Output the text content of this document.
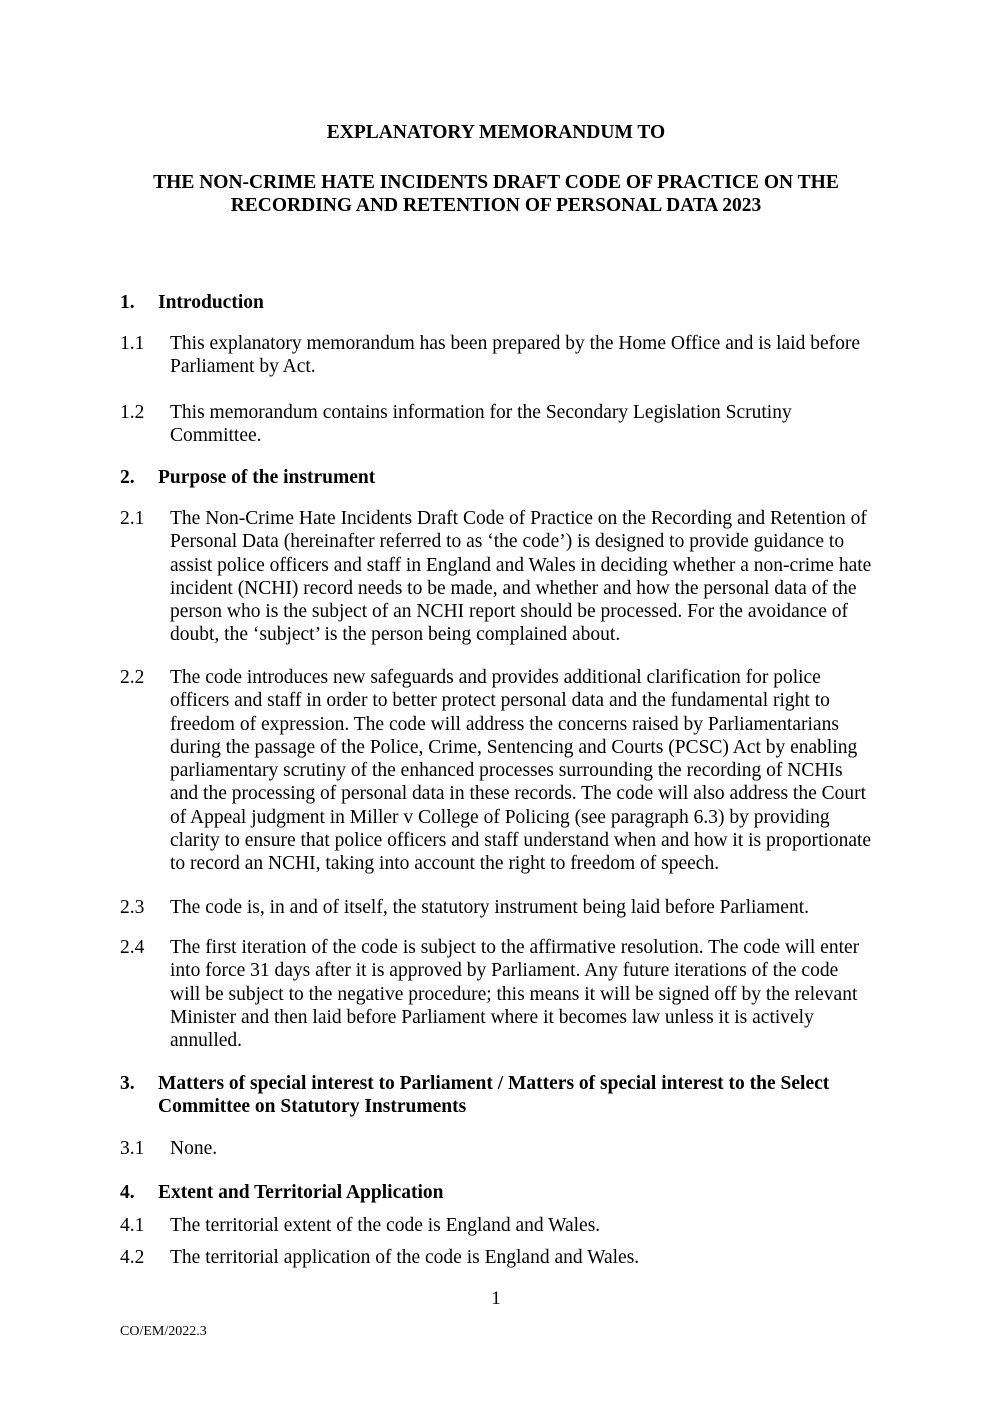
EXPLANATORY MEMORANDUM TO
THE NON-CRIME HATE INCIDENTS DRAFT CODE OF PRACTICE ON THE
RECORDING AND RETENTION OF PERSONAL DATA 2023
1.	Introduction
1.1	This explanatory memorandum has been prepared by the Home Office and is laid before Parliament by Act.
1.2	This memorandum contains information for the Secondary Legislation Scrutiny Committee.
2.	Purpose of the instrument
2.1	The Non-Crime Hate Incidents Draft Code of Practice on the Recording and Retention of Personal Data (hereinafter referred to as ‘the code’) is designed to provide guidance to assist police officers and staff in England and Wales in deciding whether a non-crime hate incident (NCHI) record needs to be made, and whether and how the personal data of the person who is the subject of an NCHI report should be processed. For the avoidance of doubt, the ‘subject’ is the person being complained about.
2.2	The code introduces new safeguards and provides additional clarification for police officers and staff in order to better protect personal data and the fundamental right to freedom of expression. The code will address the concerns raised by Parliamentarians during the passage of the Police, Crime, Sentencing and Courts (PCSC) Act by enabling parliamentary scrutiny of the enhanced processes surrounding the recording of NCHIs and the processing of personal data in these records. The code will also address the Court of Appeal judgment in Miller v College of Policing (see paragraph 6.3) by providing clarity to ensure that police officers and staff understand when and how it is proportionate to record an NCHI, taking into account the right to freedom of speech.
2.3	The code is, in and of itself, the statutory instrument being laid before Parliament.
2.4	The first iteration of the code is subject to the affirmative resolution. The code will enter into force 31 days after it is approved by Parliament. Any future iterations of the code will be subject to the negative procedure; this means it will be signed off by the relevant Minister and then laid before Parliament where it becomes law unless it is actively annulled.
3.	Matters of special interest to Parliament / Matters of special interest to the Select Committee on Statutory Instruments
3.1	None.
4.	Extent and Territorial Application
4.1	The territorial extent of the code is England and Wales.
4.2	The territorial application of the code is England and Wales.
1
CO/EM/2022.3
